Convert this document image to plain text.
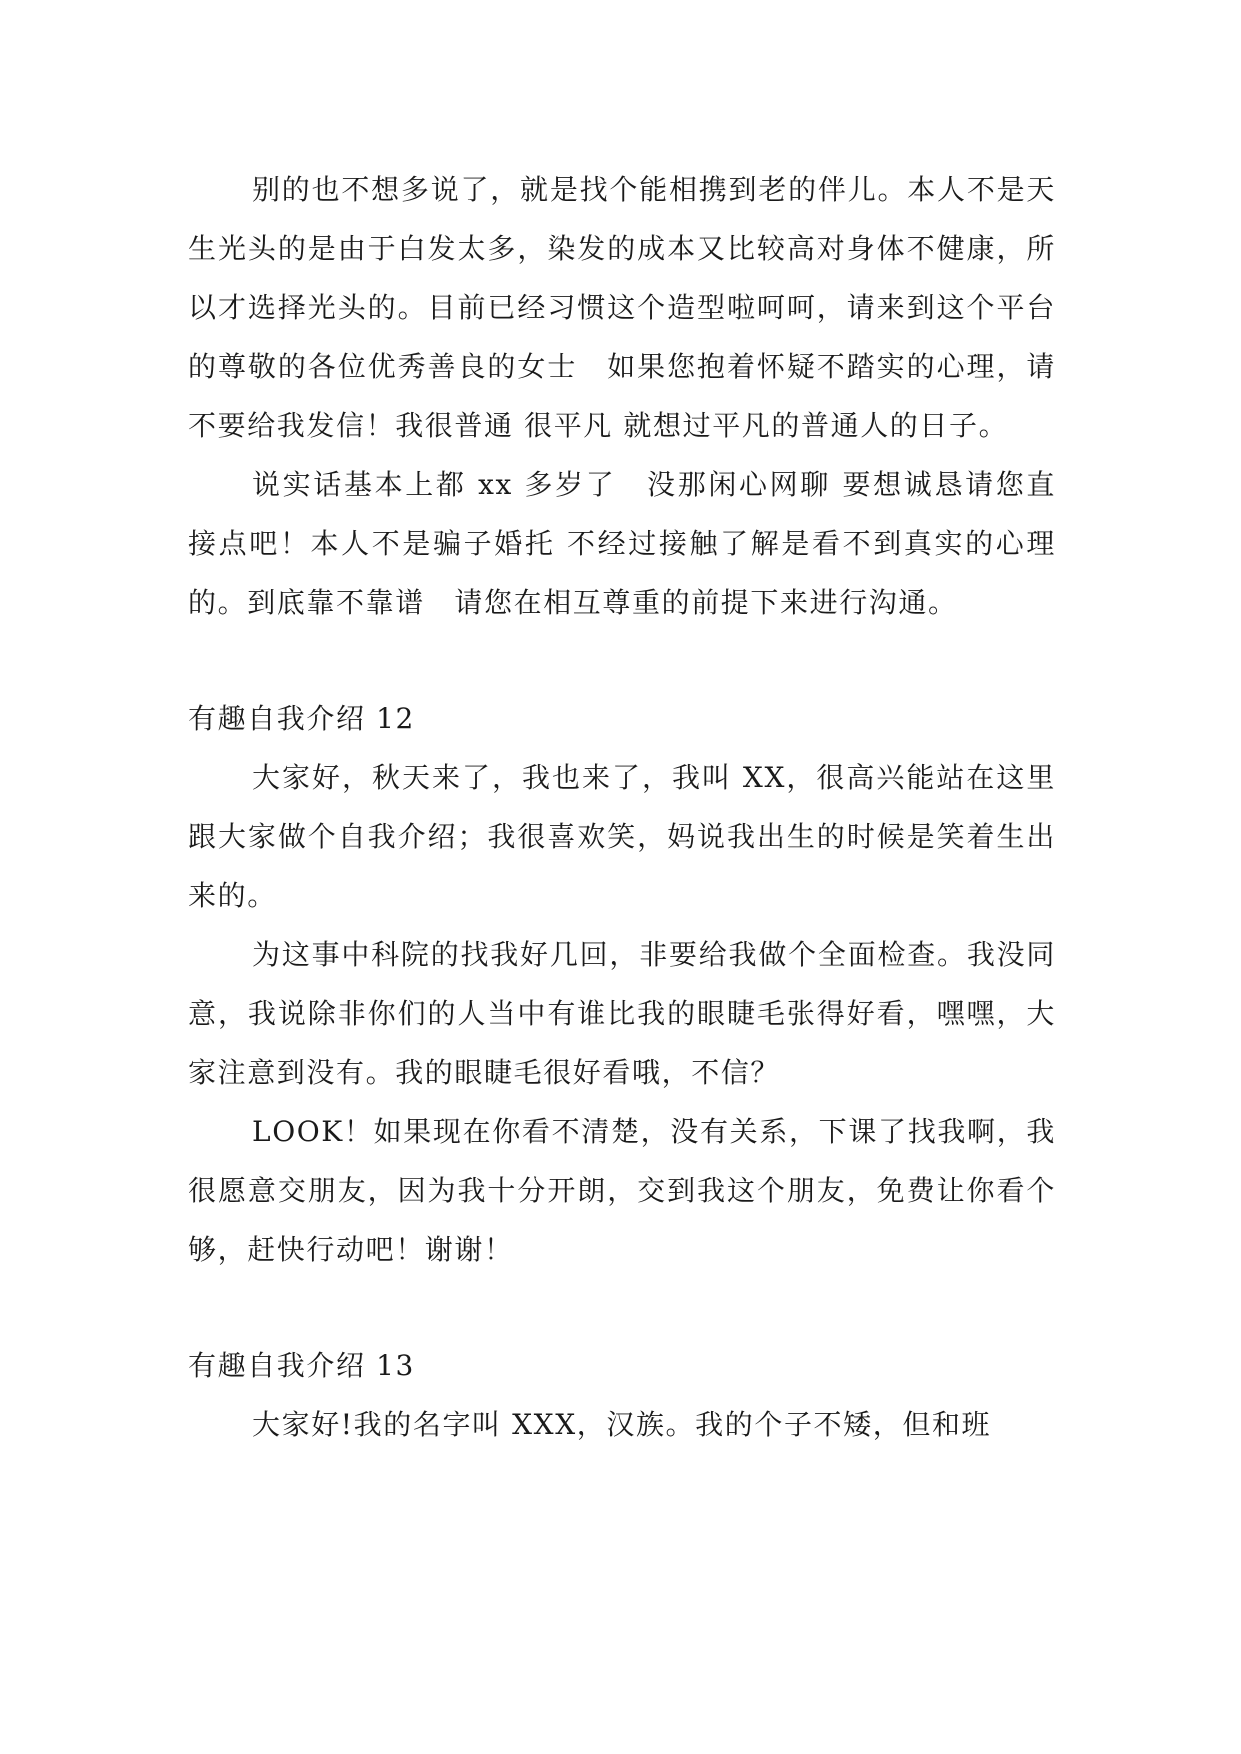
别的也不想多说了，就是找个能相携到老的伴儿。本人不是天生光头的是由于白发太多，染发的成本又比较高对身体不健康，所以才选择光头的。目前已经习惯这个造型啦呵呵，请来到这个平台的尊敬的各位优秀善良的女士　如果您抱着怀疑不踏实的心理，请不要给我发信！我很普通 很平凡 就想过平凡的普通人的日子。

说实话基本上都 xx 多岁了　没那闲心网聊 要想诚恳请您直接点吧！本人不是骗子婚托 不经过接触了解是看不到真实的心理的。到底靠不靠谱　请您在相互尊重的前提下来进行沟通。

有趣自我介绍 12

大家好，秋天来了，我也来了，我叫 XX，很高兴能站在这里跟大家做个自我介绍；我很喜欢笑，妈说我出生的时候是笑着生出来的。

为这事中科院的找我好几回，非要给我做个全面检查。我没同意，我说除非你们的人当中有谁比我的眼睫毛张得好看，嘿嘿，大家注意到没有。我的眼睫毛很好看哦，不信？

LOOK！如果现在你看不清楚，没有关系，下课了找我啊，我很愿意交朋友，因为我十分开朗，交到我这个朋友，免费让你看个够，赶快行动吧！谢谢！

有趣自我介绍 13

大家好!我的名字叫 XXX，汉族。我的个子不矮，但和班
